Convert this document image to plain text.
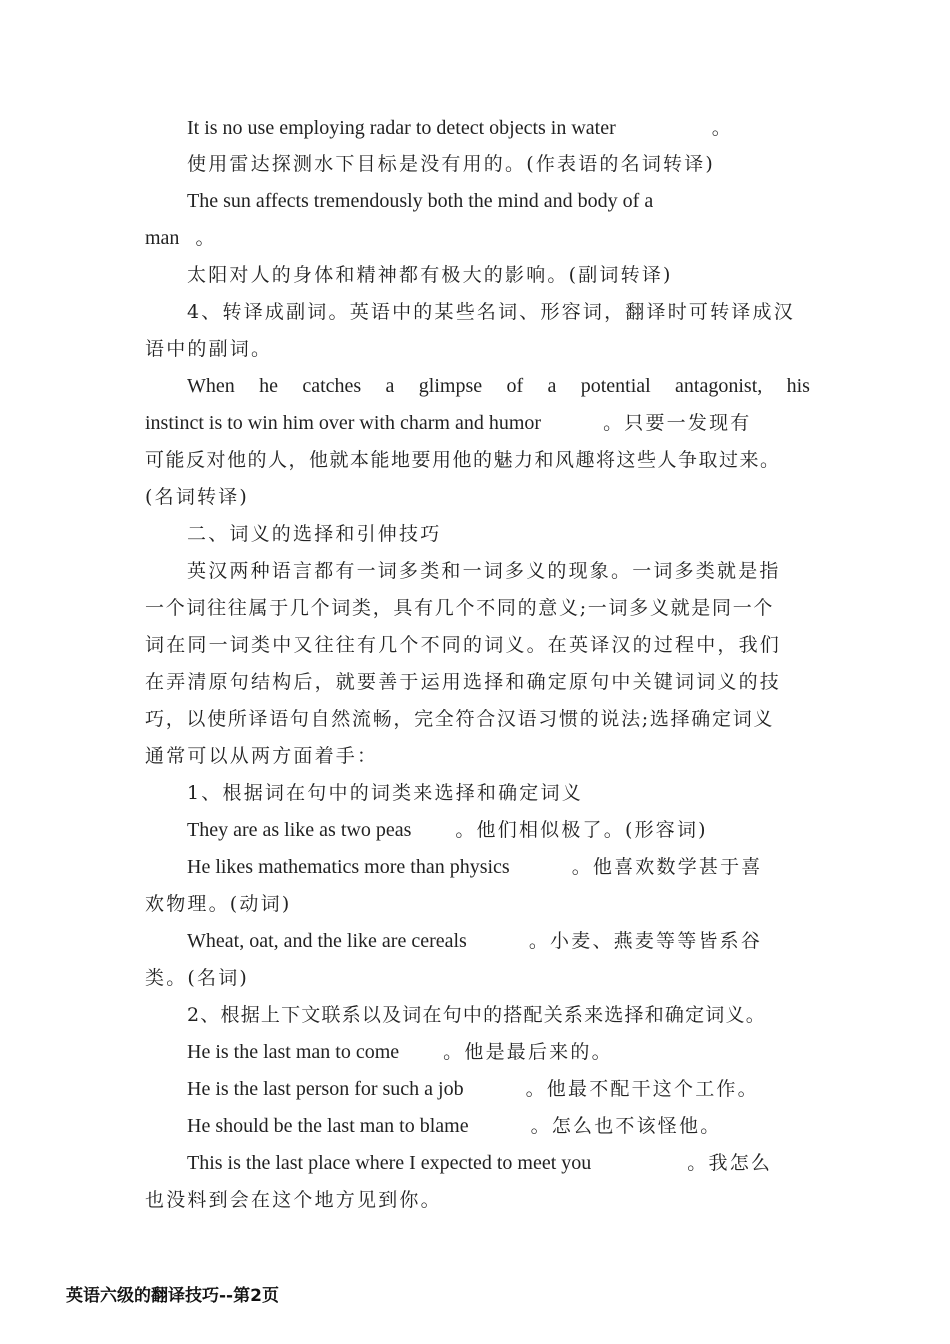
It is no use employing radar to detect objects in water	。
使用雷达探测水下目标是没有用的。(作表语的名词转译)
The sun affects tremendously both the mind and body of a
man 。
太阳对人的身体和精神都有极大的影响。(副词转译)
4、转译成副词。英语中的某些名词、形容词，翻译时可转译成汉
语中的副词。
When he catches a glimpse of a potential antagonist, his
instinct is to win him over with charm and humor	。只要一发现有
可能反对他的人，他就本能地要用他的魅力和风趣将这些人争取过来。
(名词转译)
二、词义的选择和引伸技巧
英汉两种语言都有一词多类和一词多义的现象。一词多类就是指
一个词往往属于几个词类，具有几个不同的意义;一词多义就是同一个
词在同一词类中又往往有几个不同的词义。在英译汉的过程中，我们
在弄清原句结构后，就要善于运用选择和确定原句中关键词词义的技
巧，以使所译语句自然流畅，完全符合汉语习惯的说法;选择确定词义
通常可以从两方面着手：
1、根据词在句中的词类来选择和确定词义
They are as like as two peas 。他们相似极了。(形容词)
He likes mathematics more than physics	。他喜欢数学甚于喜
欢物理。(动词)
Wheat, oat, and the like are cereals	。小麦、燕麦等等皆系谷
类。(名词)
2、根据上下文联系以及词在句中的搭配关系来选择和确定词义。
He is the last man to come 。他是最后来的。
He is the last person for such a job	。他最不配干这个工作。
He should be the last man to blame	。怎么也不该怪他。
This is the last place where I expected to meet you	。我怎么
也没料到会在这个地方见到你。
英语六级的翻译技巧--第2页
